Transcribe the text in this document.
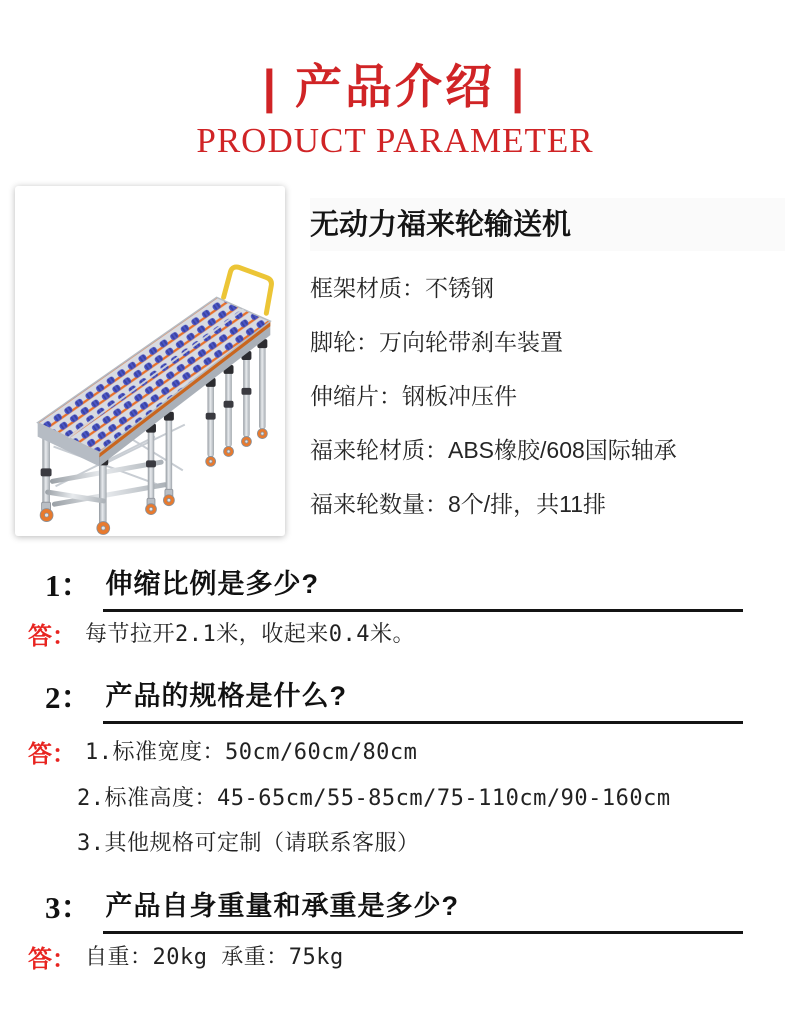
| 产品介绍 |
PRODUCT PARAMETER
无动力福来轮输送机
框架材质：不锈钢
脚轮：万向轮带刹车装置
伸缩片：钢板冲压件
福来轮材质：ABS橡胶/608国际轴承
福来轮数量：8个/排，共11排
1： 伸缩比例是多少?
答： 每节拉开2.1米，收起来0.4米。
2： 产品的规格是什么?
答： 1.标准宽度：50cm/60cm/80cm
2.标准高度：45-65cm/55-85cm/75-110cm/90-160cm
3.其他规格可定制（请联系客服）
3： 产品自身重量和承重是多少?
答： 自重：20kg 承重：75kg
